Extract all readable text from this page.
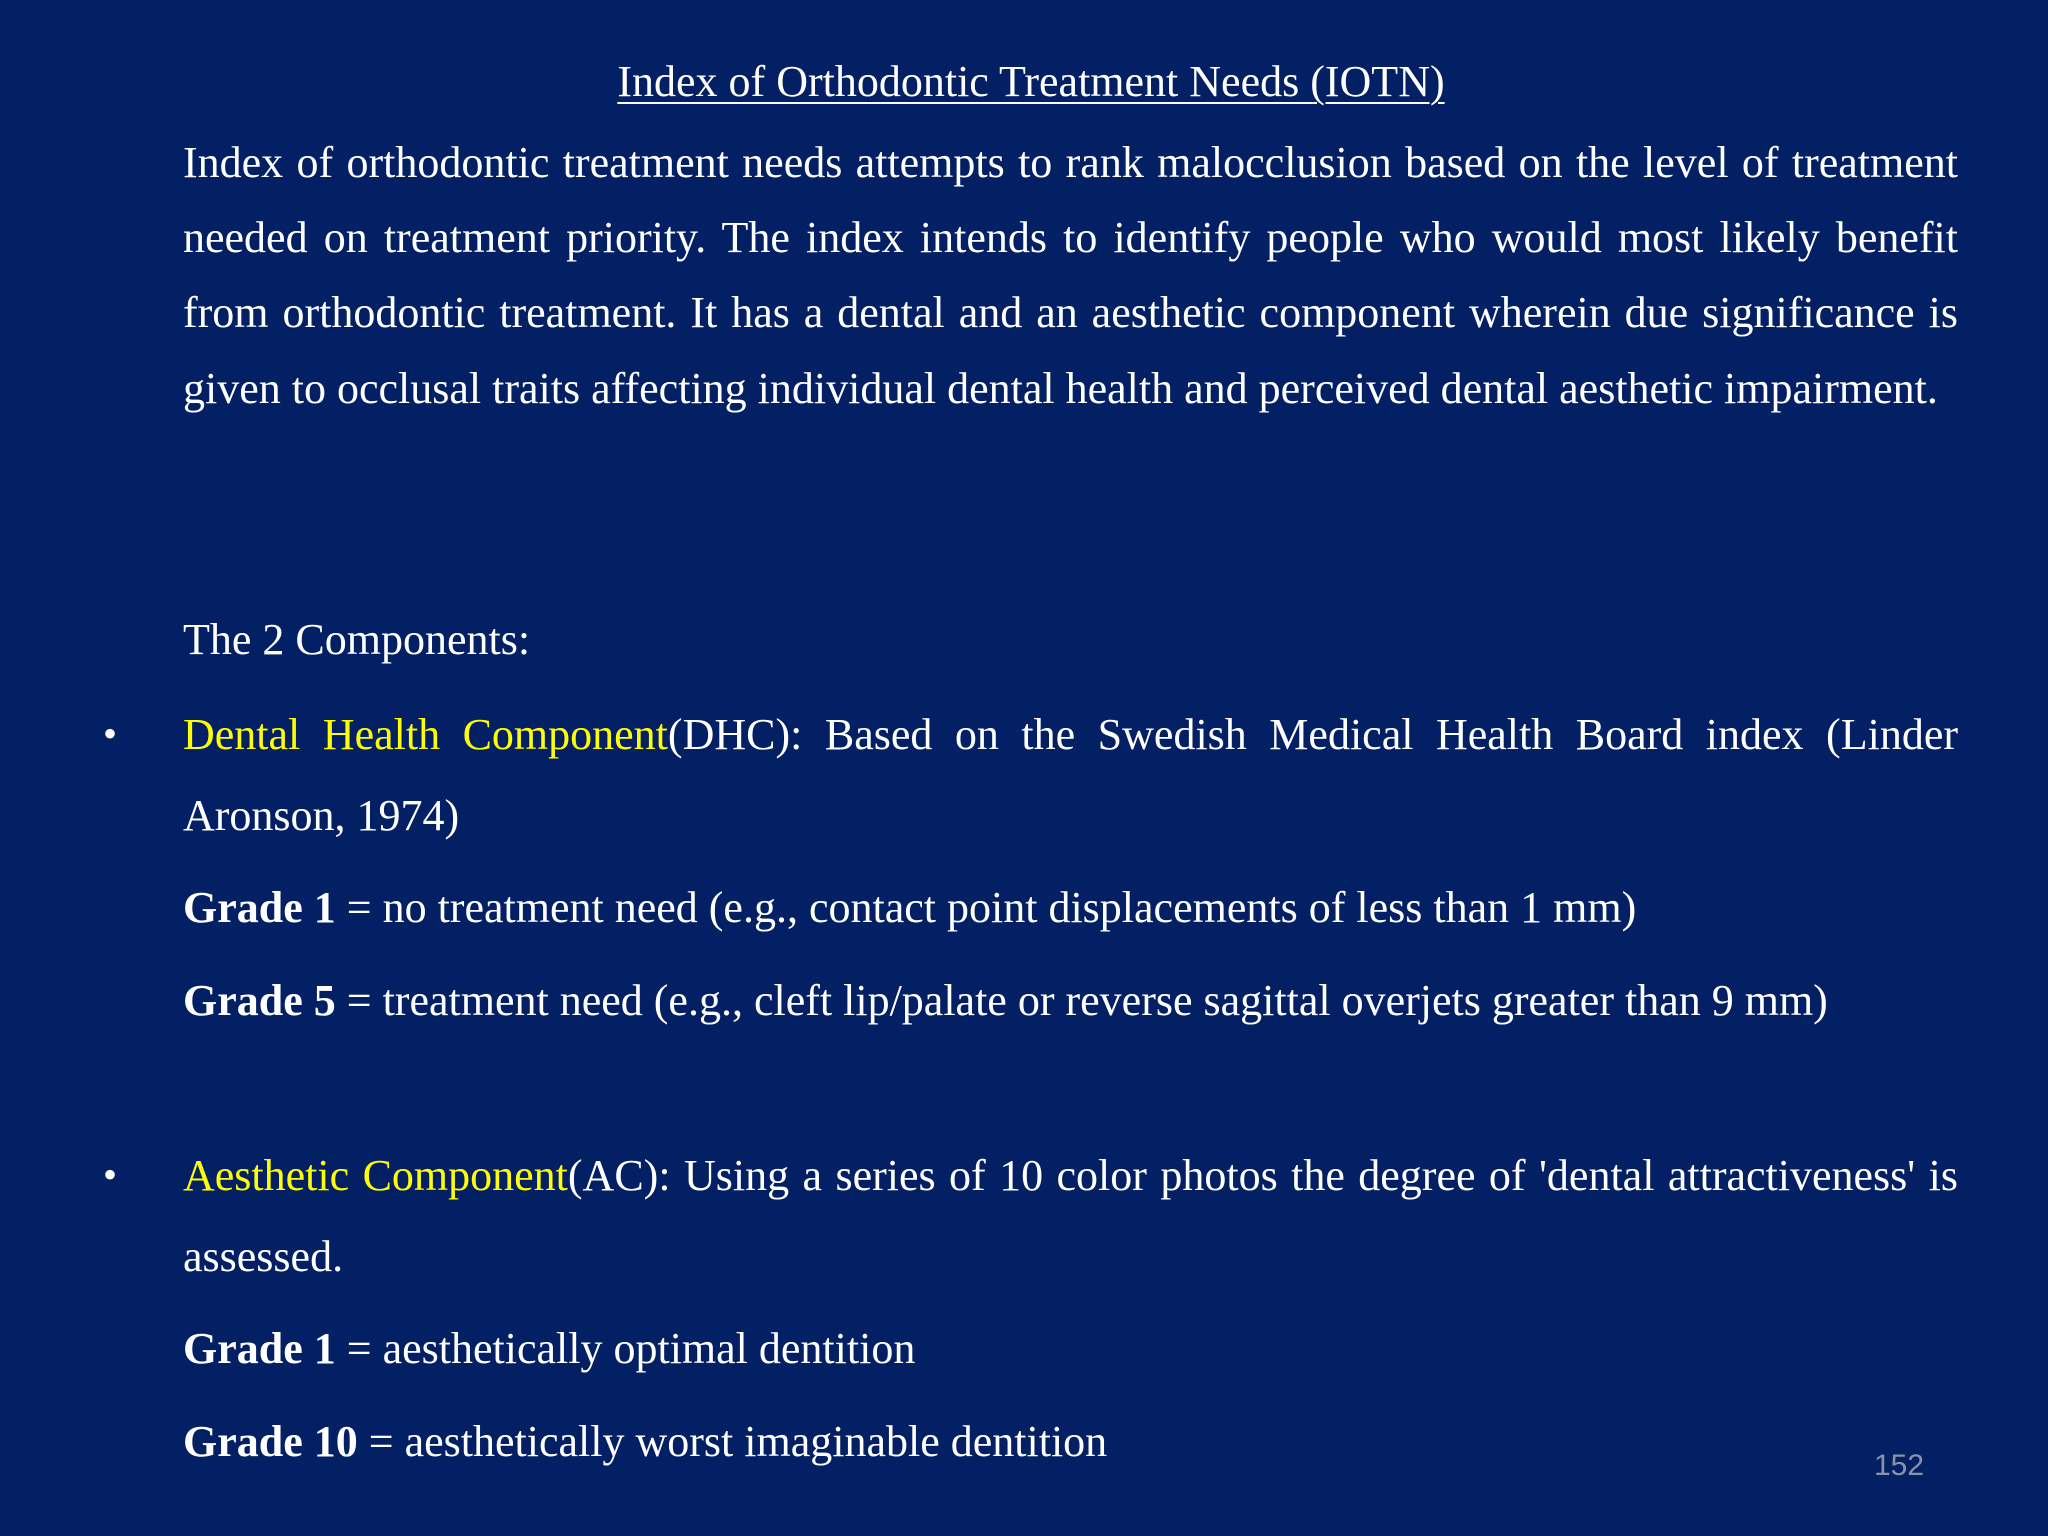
Index of Orthodontic Treatment Needs (IOTN)

Index of orthodontic treatment needs attempts to rank malocclusion based on the level of treatment needed on treatment priority. The index intends to identify people who would most likely benefit from orthodontic treatment. It has a dental and an aesthetic component wherein due significance is given to occlusal traits affecting individual dental health and perceived dental aesthetic impairment.

The 2 Components:

• Dental Health Component(DHC): Based on the Swedish Medical Health Board index (Linder Aronson, 1974)

Grade 1 = no treatment need (e.g., contact point displacements of less than 1 mm)

Grade 5 = treatment need (e.g., cleft lip/palate or reverse sagittal overjets greater than 9 mm)

• Aesthetic Component(AC): Using a series of 10 color photos the degree of 'dental attractiveness' is assessed.

Grade 1 = aesthetically optimal dentition

Grade 10 = aesthetically worst imaginable dentition	152
